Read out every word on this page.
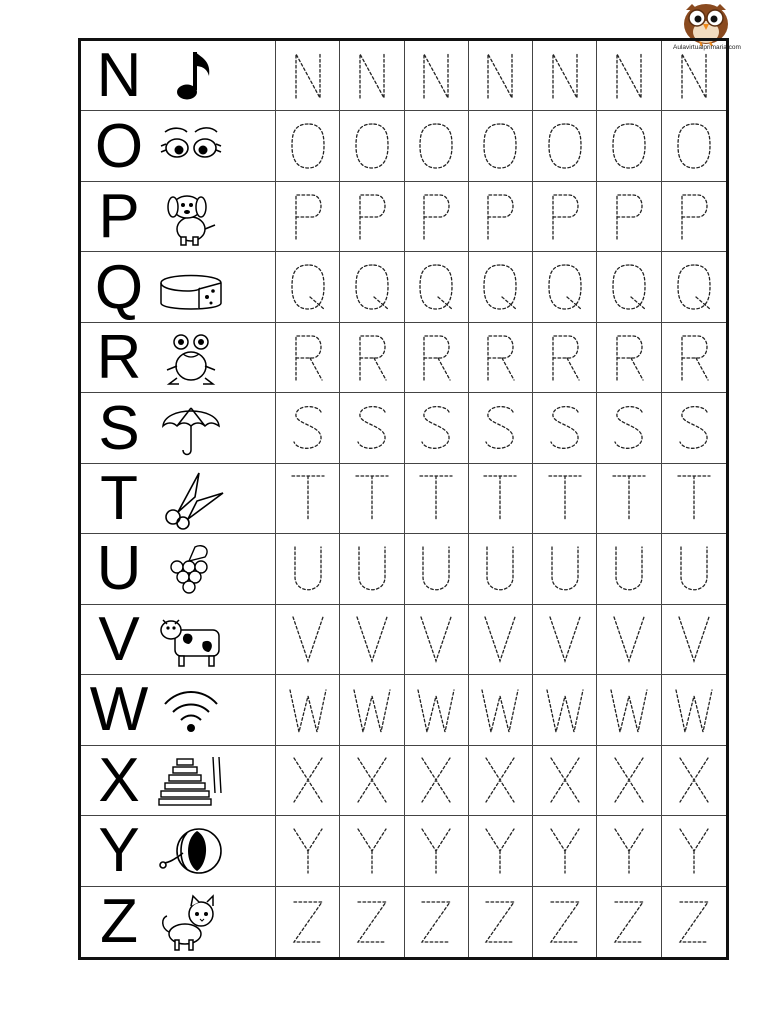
Aulavirtualprimaria.com
N
O
P
Q
R
S
T
U
V
W
X
Y
Z
